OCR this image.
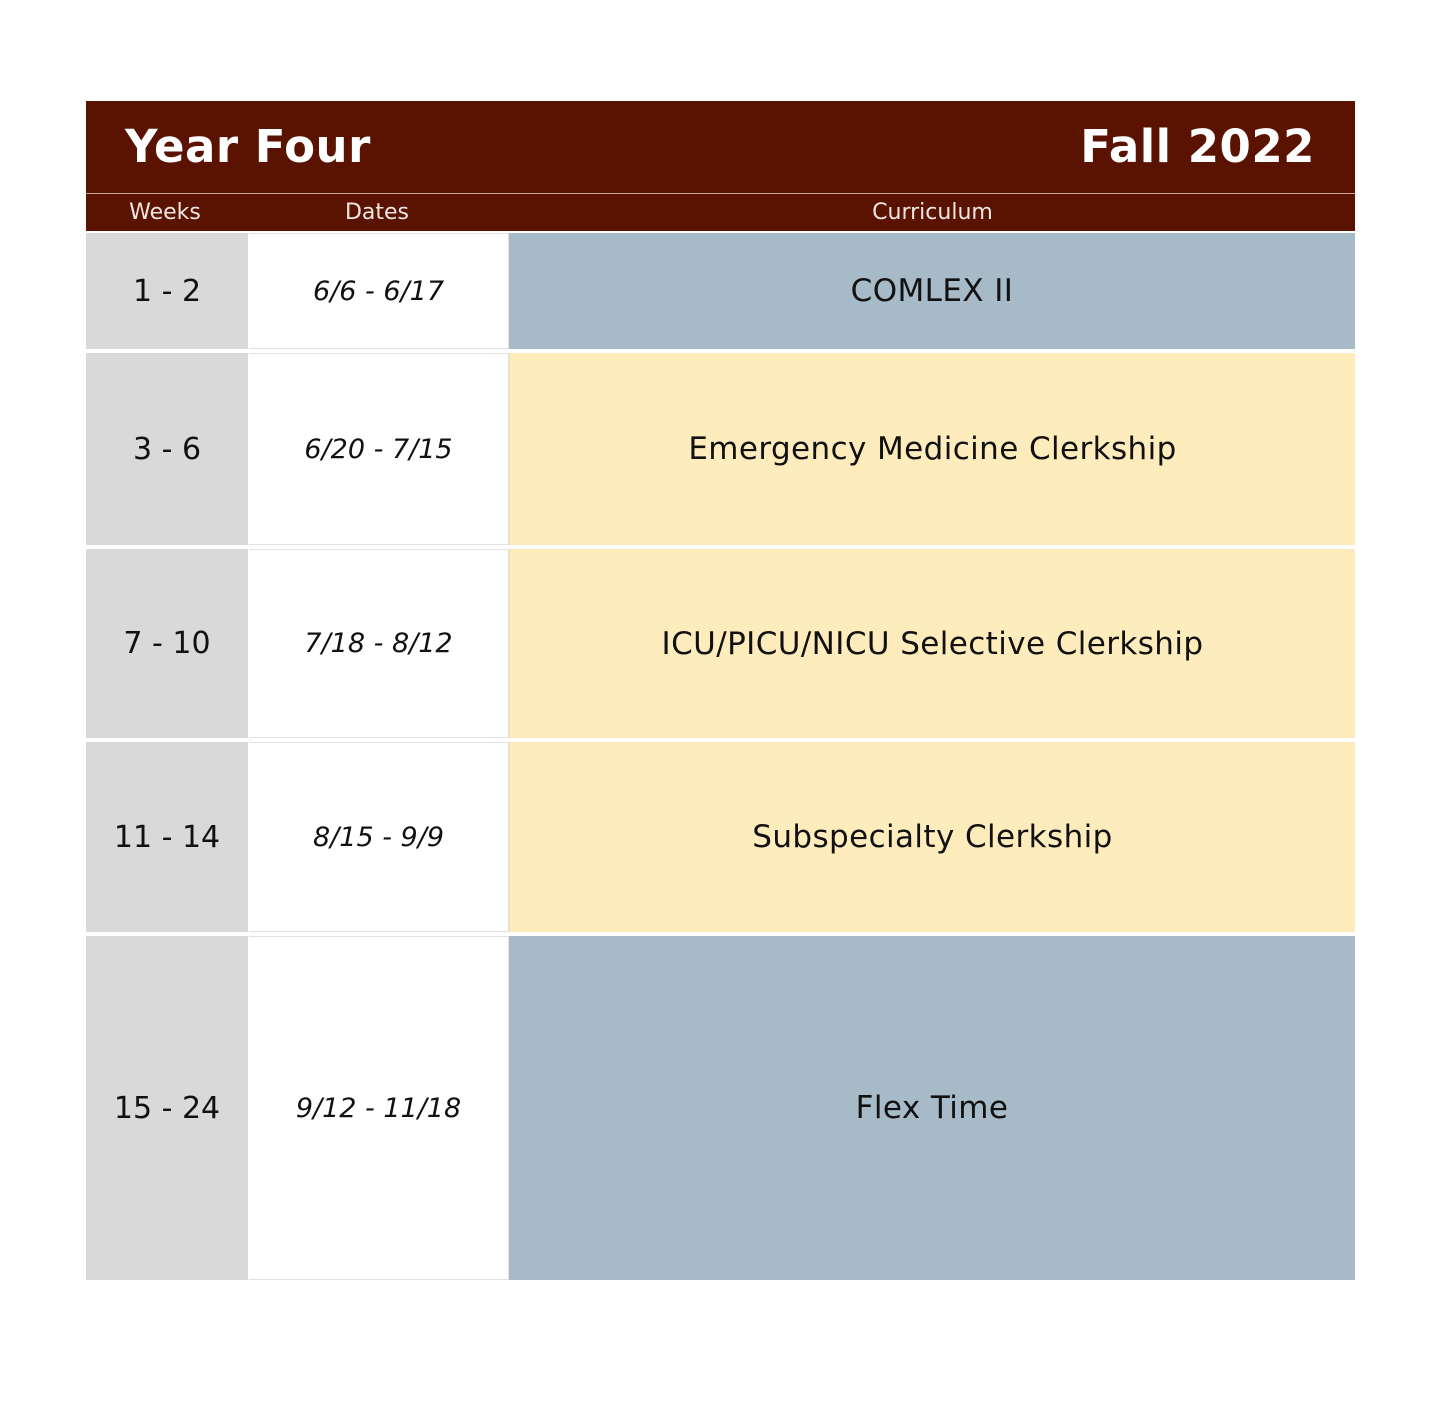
Year Four	Fall 2022
Weeks	Dates	Curriculum
1 - 2	6/6 - 6/17	COMLEX II
3 - 6	6/20 - 7/15	Emergency Medicine Clerkship
7 - 10	7/18 - 8/12	ICU/PICU/NICU Selective Clerkship
11 - 14	8/15 - 9/9	Subspecialty Clerkship
15 - 24	9/12 - 11/18	Flex Time
